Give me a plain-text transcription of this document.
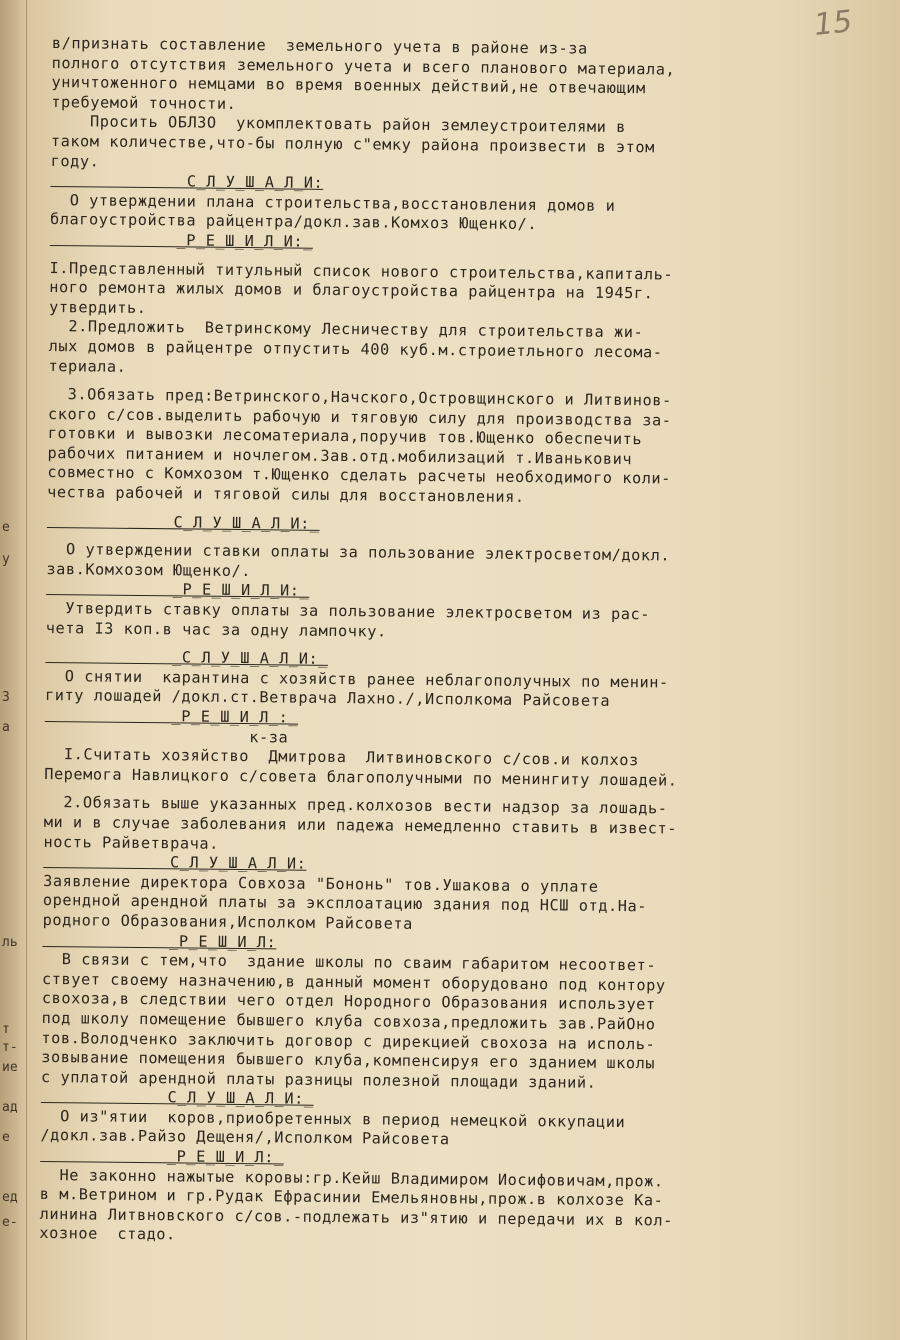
е
у
3
а
ль
т
т-
ие
ад
е
ед
е-
15
в/признать составление  земельного учета в районе из-за
полного отсутствия земельного учета и всего планового материала,
уничтоженного немцами во время военных действий,не отвечающим
требуемой точности.
Просить ОБЛЗО  укомплектовать район землеустроителями в
таком количестве,что-бы полную с"емку района произвести в этом
году.
С_Л_У_Ш_А_Л_И:
О утверждении плана строительства,восстановления домов и
благоустройства райцентра/докл.зав.Комхоз Ющенко/.
_Р_Е_Ш_И_Л_И:_
I.Представленный титульный список нового строительства,капиталь-
ного ремонта жилых домов и благоустройства райцентра на 1945г.
утвердить.
2.Предложить  Ветринскому Лесничеству для строительства жи-
лых домов в райцентре отпустить 400 куб.м.строиетльного лесома-
териала.
3.Обязать пред:Ветринского,Начского,Островщинского и Литвинов-
ского с/сов.выделить рабочую и тяговую силу для производства за-
готовки и вывозки лесоматериала,поручив тов.Ющенко обеспечить
рабочих питанием и ночлегом.Зав.отд.мобилизаций т.Иванькович
совместно с Комхозом т.Ющенко сделать расчеты необходимого коли-
чества рабочей и тяговой силы для восстановления.
С_Л_У_Ш_А_Л_И:_
О утверждении ставки оплаты за пользование электросветом/докл.
зав.Комхозом Ющенко/.
_Р_Е_Ш_И_Л_И:_
Утвердить ставку оплаты за пользование электросветом из рас-
чета I3 коп.в час за одну лампочку.
_С_Л_У_Ш_А_Л_И:_
О снятии  карантина с хозяйств ранее неблагополучных по менин-
гиту лошадей /докл.ст.Ветврача Лахно./,Исполкома Райсовета
_Р_Е_Ш_И_Л_:_
к-за
I.Считать хозяйство  Дмитрова  Литвиновского с/сов.и колхоз
Перемога Навлицкого с/совета благополучными по менингиту лошадей.
2.Обязать выше указанных пред.колхозов вести надзор за лошадь-
ми и в случае заболевания или падежа немедленно ставить в извест-
ность Райветврача.
С_Л_У_Ш_А_Л_И:
Заявление директора Совхоза "Бононь" тов.Ушакова о уплате
орендной арендной платы за эксплоатацию здания под НСШ отд.На-
родного Образования,Исполком Райсовета
_Р_Е_Ш_И_Л:
В связи с тем,что  здание школы по сваим габаритом несоответ-
ствует своему назначению,в данный момент оборудовано под контору
свохоза,в следствии чего отдел Нородного Образования использует
под школу помещение бывшего клуба совхоза,предложить зав.РайОно
тов.Володченко заключить договор с дирекцией свохоза на исполь-
зовывание помещения бывшего клуба,компенсируя его зданием школы
с уплатой арендной платы разницы полезной площади зданий.
С_Л_У_Ш_А_Л_И:_
О из"ятии  коров,приобретенных в период немецкой оккупации
/докл.зав.Райзо Дещеня/,Исполком Райсовета
_Р_Е_Ш_И_Л:_
Не законно нажытые коровы:гр.Кейш Владимиром Иосифовичам,прож.
в м.Ветрином и гр.Рудак Ефрасинии Емельяновны,прож.в колхозе Ка-
линина Литвновского с/сов.-подлежать из"ятию и передачи их в кол-
хозное  стадо.
